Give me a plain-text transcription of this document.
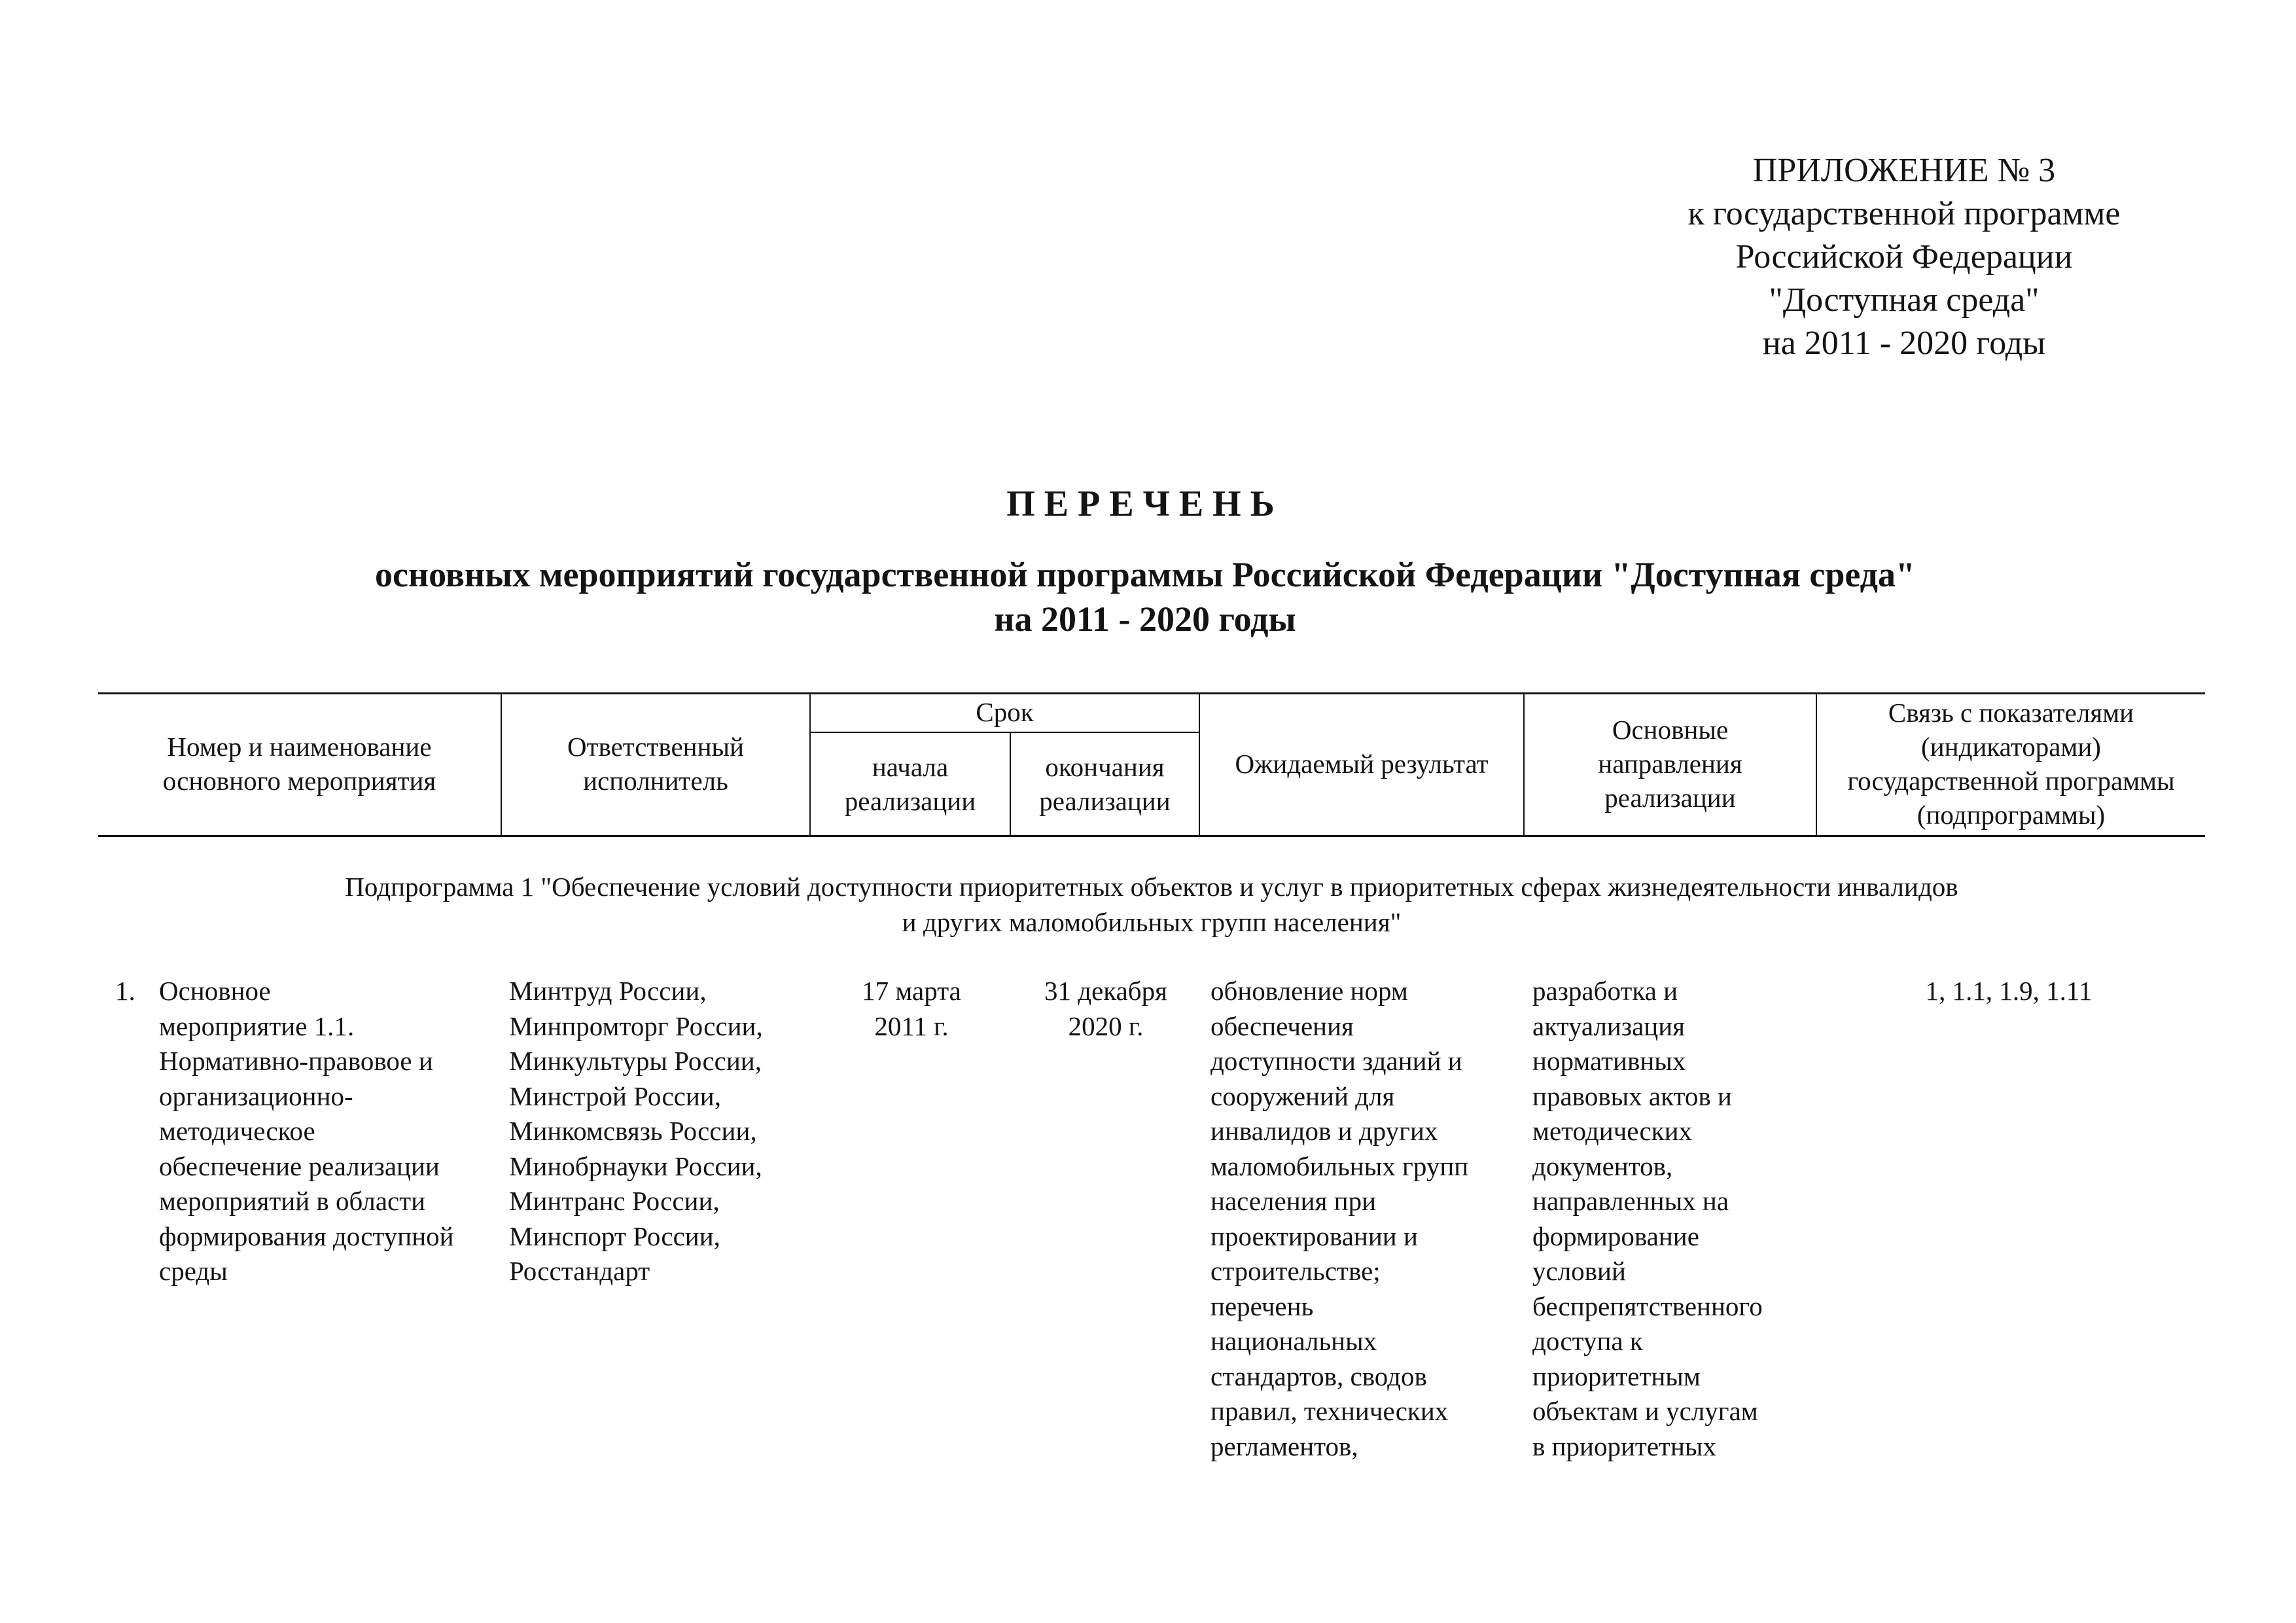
ПРИЛОЖЕНИЕ № 3
к государственной программе
Российской Федерации
"Доступная среда"
на 2011 - 2020 годы
ПЕРЕЧЕНЬ
основных мероприятий государственной программы Российской Федерации "Доступная среда"
на 2011 - 2020 годы
Номер и наименование
основного мероприятия
Ответственный
исполнитель
Срок
начала
реализации
окончания
реализации
Ожидаемый результат
Основные
направления
реализации
Связь с показателями
(индикаторами)
государственной программы
(подпрограммы)
Подпрограмма 1 "Обеспечение условий доступности приоритетных объектов и услуг в приоритетных сферах жизнедеятельности инвалидов
и других маломобильных групп населения"
1. Основное
мероприятие 1.1.
Нормативно-правовое и
организационно-
методическое
обеспечение реализации
мероприятий в области
формирования доступной
среды
Минтруд России,
Минпромторг России,
Минкультуры России,
Минстрой России,
Минкомсвязь России,
Минобрнауки России,
Минтранс России,
Минспорт России,
Росстандарт
17 марта
2011 г.
31 декабря
2020 г.
обновление норм
обеспечения
доступности зданий и
сооружений для
инвалидов и других
маломобильных групп
населения при
проектировании и
строительстве;
перечень
национальных
стандартов, сводов
правил, технических
регламентов,
разработка и
актуализация
нормативных
правовых актов и
методических
документов,
направленных на
формирование
условий
беспрепятственного
доступа к
приоритетным
объектам и услугам
в приоритетных
1, 1.1, 1.9, 1.11
